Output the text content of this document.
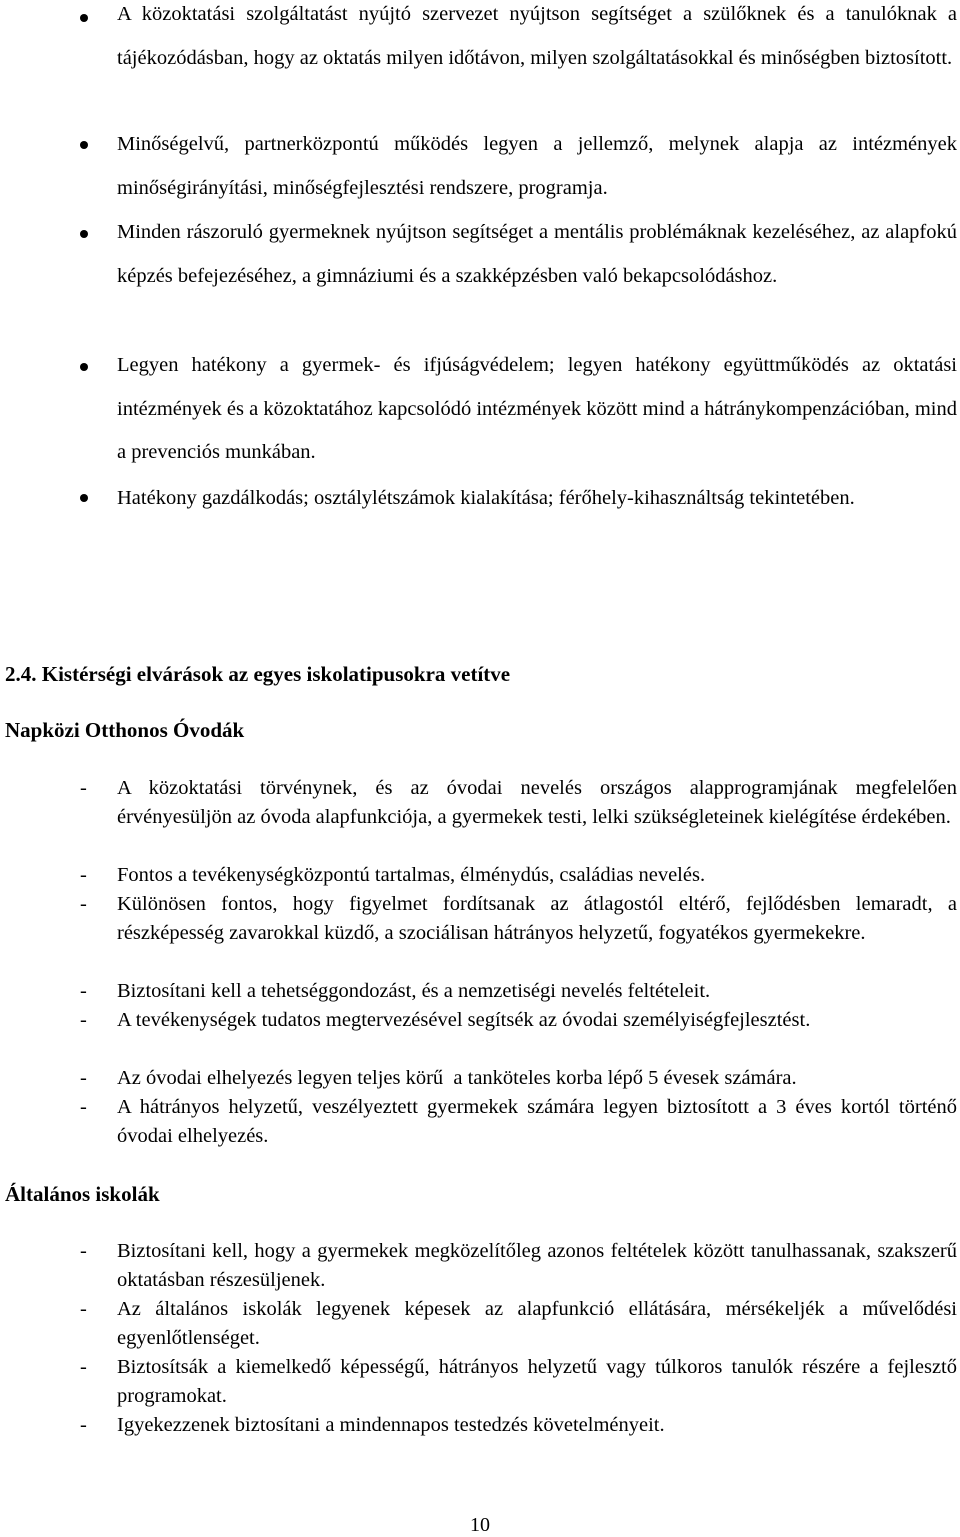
A közoktatási szolgáltatást nyújtó szervezet nyújtson segítséget a szülőknek és a tanulóknak a tájékozódásban, hogy az oktatás milyen időtávon, milyen szolgáltatásokkal és minőségben biztosított.

Minőségelvű, partnerközpontú működés legyen a jellemző, melynek alapja az intézmények minőségirányítási, minőségfejlesztési rendszere, programja.

Minden rászoruló gyermeknek nyújtson segítséget a mentális problémáknak kezeléséhez, az alapfokú képzés befejezéséhez, a gimnáziumi és a szakképzésben való bekapcsolódáshoz.

Legyen hatékony a gyermek- és ifjúságvédelem; legyen hatékony együttműködés az oktatási intézmények és a közoktatához kapcsolódó intézmények között mind a hátránykompenzációban, mind a prevenciós munkában.

Hatékony gazdálkodás; osztálylétszámok kialakítása; férőhely-kihasználtság tekintetében.

2.4. Kistérségi elvárások az egyes iskolatipusokra vetítve
Napközi Otthonos Óvodák
- A közoktatási törvénynek, és az óvodai nevelés országos alapprogramjának megfelelően érvényesüljön az óvoda alapfunkciója, a gyermekek testi, lelki szükségleteinek kielégítése érdekében.

- Fontos a tevékenységközpontú tartalmas, élménydús, családias nevelés.

- Különösen fontos, hogy figyelmet fordítsanak az átlagostól eltérő, fejlődésben lemaradt, a részképesség zavarokkal küzdő, a szociálisan hátrányos helyzetű, fogyatékos gyermekekre.

- Biztosítani kell a tehetséggondozást, és a nemzetiségi nevelés feltételeit.

- A tevékenységek tudatos megtervezésével segítsék az óvodai személyiségfejlesztést.

- Az óvodai elhelyezés legyen teljes körű  a tanköteles korba lépő 5 évesek számára.

- A hátrányos helyzetű, veszélyeztett gyermekek számára legyen biztosított a 3 éves kortól történő óvodai elhelyezés.

Általános iskolák
- Biztosítani kell, hogy a gyermekek megközelítőleg azonos feltételek között tanulhassanak, szakszerű oktatásban részesüljenek.

- Az általános iskolák legyenek képesek az alapfunkció ellátására, mérsékeljék a művelődési egyenlőtlenséget.

- Biztosítsák a kiemelkedő képességű, hátrányos helyzetű vagy túlkoros tanulók részére a fejlesztő programokat.

- Igyekezzenek biztosítani a mindennapos testedzés követelményeit.

10
